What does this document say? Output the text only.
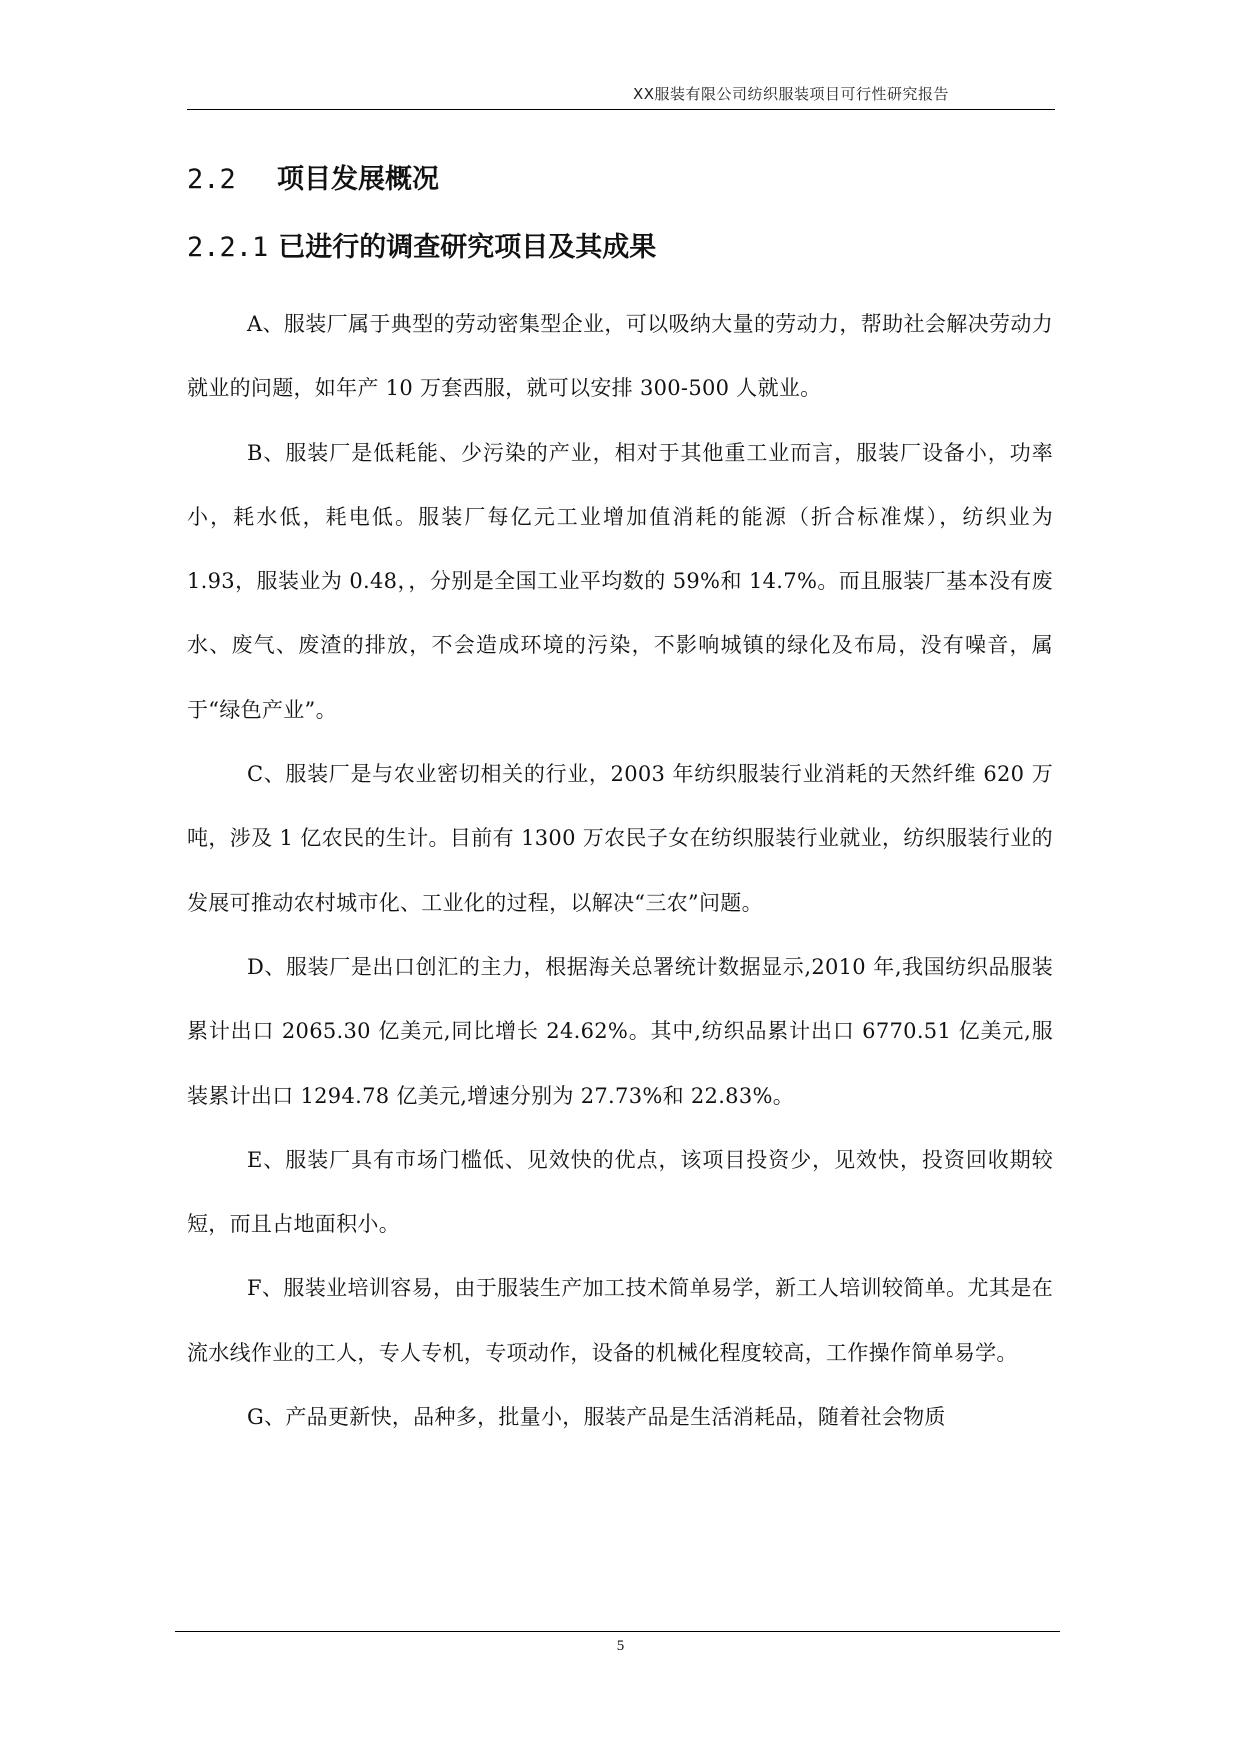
XX服装有限公司纺织服装项目可行性研究报告
2.2 项目发展概况
2.2.1 已进行的调查研究项目及其成果

A、服装厂属于典型的劳动密集型企业，可以吸纳大量的劳动力，帮助社会解决劳动力就业的问题，如年产 10 万套西服，就可以安排 300-500 人就业。

B、服装厂是低耗能、少污染的产业，相对于其他重工业而言，服装厂设备小，功率小，耗水低，耗电低。服装厂每亿元工业增加值消耗的能源（折合标准煤），纺织业为 1.93，服装业为 0.48，，分别是全国工业平均数的 59%和 14.7%。而且服装厂基本没有废水、废气、废渣的排放，不会造成环境的污染，不影响城镇的绿化及布局，没有噪音，属于“绿色产业”。

C、服装厂是与农业密切相关的行业，2003 年纺织服装行业消耗的天然纤维 620 万吨，涉及 1 亿农民的生计。目前有 1300 万农民子女在纺织服装行业就业，纺织服装行业的发展可推动农村城市化、工业化的过程，以解决“三农”问题。

D、服装厂是出口创汇的主力，根据海关总署统计数据显示,2010 年,我国纺织品服装累计出口 2065.30 亿美元,同比增长 24.62%。其中,纺织品累计出口 6770.51 亿美元,服装累计出口 1294.78 亿美元,增速分别为 27.73%和 22.83%。

E、服装厂具有市场门槛低、见效快的优点，该项目投资少，见效快，投资回收期较短，而且占地面积小。

F、服装业培训容易，由于服装生产加工技术简单易学，新工人培训较简单。尤其是在流水线作业的工人，专人专机，专项动作，设备的机械化程度较高，工作操作简单易学。

G、产品更新快，品种多，批量小，服装产品是生活消耗品，随着社会物质

5
